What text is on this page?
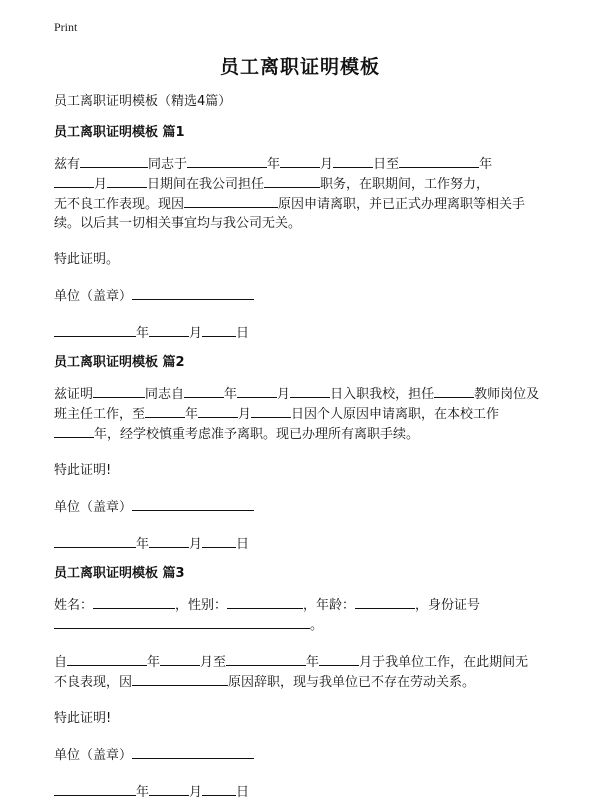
Print
员工离职证明模板

员工离职证明模板（精选4篇）

员工离职证明模板 篇1

兹有	同志于	年	月	日至	年

月	日期间在我公司担任	职务，在职期间，工作努力，

无不良工作表现。现因	原因申请离职，并已正式办理离职等相关手

续。以后其一切相关事宜均与我公司无关。

特此证明。

单位（盖章）

年	月	日

员工离职证明模板 篇2

兹证明	同志自	年	月	日入职我校，担任	教师岗位及

班主任工作，至	年	月	日因个人原因申请离职，在本校工作

年，经学校慎重考虑准予离职。现已办理所有离职手续。

特此证明!

单位（盖章）

年	月	日

员工离职证明模板 篇3

姓名：	，性别：	，年龄：	，身份证号

。

自	年	月至	年	月于我单位工作，在此期间无

不良表现，因	原因辞职，现与我单位已不存在劳动关系。

特此证明!

单位（盖章）

年	月	日
